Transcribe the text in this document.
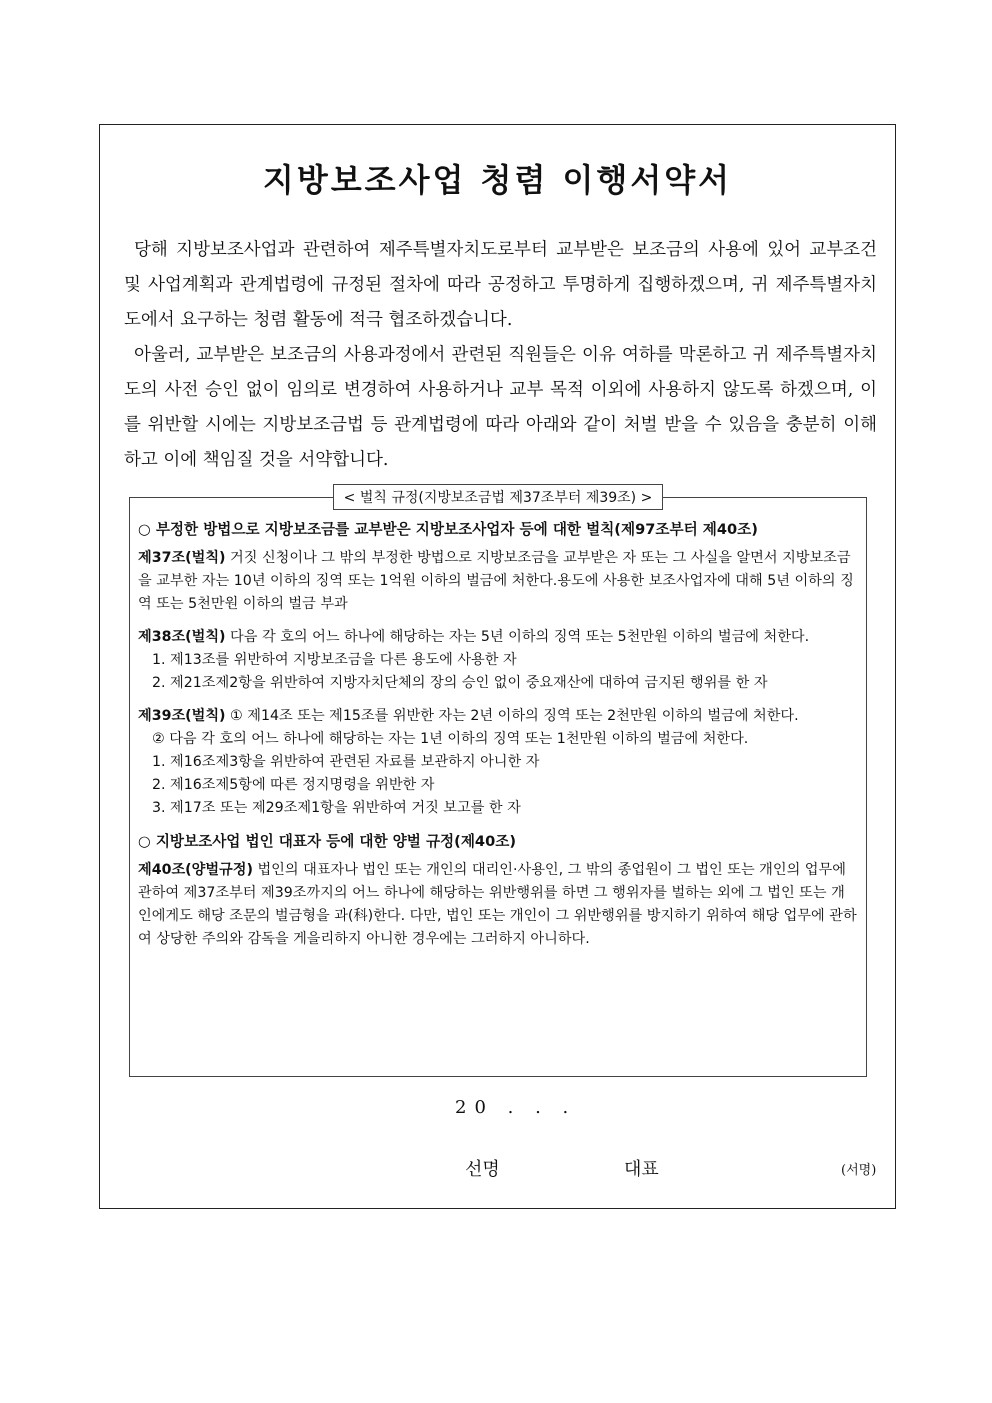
지방보조사업 청렴 이행서약서

당해 지방보조사업과 관련하여 제주특별자치도로부터 교부받은 보조금의 사용에 있어 교부조건 및 사업계획과 관계법령에 규정된 절차에 따라 공정하고 투명하게 집행하겠으며, 귀 제주특별자치도에서 요구하는 청렴 활동에 적극 협조하겠습니다.

아울러, 교부받은 보조금의 사용과정에서 관련된 직원들은 이유 여하를 막론하고 귀 제주특별자치도의 사전 승인 없이 임의로 변경하여 사용하거나 교부 목적 이외에 사용하지 않도록 하겠으며, 이를 위반할 시에는 지방보조금법 등 관계법령에 따라 아래와 같이 처벌 받을 수 있음을 충분히 이해하고 이에 책임질 것을 서약합니다.

< 벌칙 규정(지방보조금법 제37조부터 제39조) >
○ 부정한 방법으로 지방보조금를 교부받은 지방보조사업자 등에 대한 벌칙(제97조부터 제40조)
제37조(벌칙) 거짓 신청이나 그 밖의 부정한 방법으로 지방보조금을 교부받은 자 또는 그 사실을 알면서 지방보조금을 교부한 자는 10년 이하의 징역 또는 1억원 이하의 벌금에 처한다.용도에 사용한 보조사업자에 대해 5년 이하의 징역 또는 5천만원 이하의 벌금 부과
제38조(벌칙) 다음 각 호의 어느 하나에 해당하는 자는 5년 이하의 징역 또는 5천만원 이하의 벌금에 처한다.
1. 제13조를 위반하여 지방보조금을 다른 용도에 사용한 자
2. 제21조제2항을 위반하여 지방자치단체의 장의 승인 없이 중요재산에 대하여 금지된 행위를 한 자
제39조(벌칙) ① 제14조 또는 제15조를 위반한 자는 2년 이하의 징역 또는 2천만원 이하의 벌금에 처한다.
② 다음 각 호의 어느 하나에 해당하는 자는 1년 이하의 징역 또는 1천만원 이하의 벌금에 처한다.
1. 제16조제3항을 위반하여 관련된 자료를 보관하지 아니한 자
2. 제16조제5항에 따른 정지명령을 위반한 자
3. 제17조 또는 제29조제1항을 위반하여 거짓 보고를 한 자
○ 지방보조사업 법인 대표자 등에 대한 양벌 규정(제40조)
제40조(양벌규정) 법인의 대표자나 법인 또는 개인의 대리인·사용인, 그 밖의 종업원이 그 법인 또는 개인의 업무에 관하여 제37조부터 제39조까지의 어느 하나에 해당하는 위반행위를 하면 그 행위자를 벌하는 외에 그 법인 또는 개인에게도 해당 조문의 벌금형을 과(科)한다. 다만, 법인 또는 개인이 그 위반행위를 방지하기 위하여 해당 업무에 관하여 상당한 주의와 감독을 게을리하지 아니한 경우에는 그러하지 아니하다.
20 . . .
선명	대표	(서명)
